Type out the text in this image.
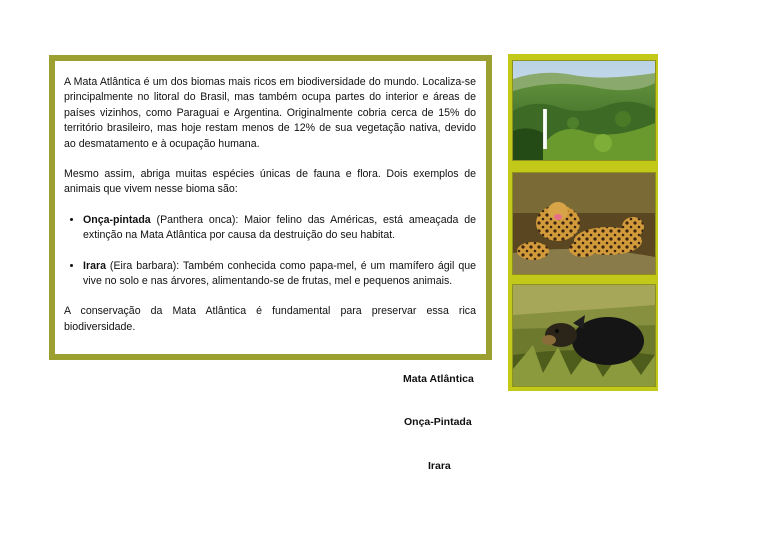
A Mata Atlântica é um dos biomas mais ricos em biodiversidade do mundo. Localiza-se principalmente no litoral do Brasil, mas também ocupa partes do interior e áreas de países vizinhos, como Paraguai e Argentina. Originalmente cobria cerca de 15% do território brasileiro, mas hoje restam menos de 12% de sua vegetação nativa, devido ao desmatamento e à ocupação humana.

Mesmo assim, abriga muitas espécies únicas de fauna e flora. Dois exemplos de animais que vivem nesse bioma são:

• Onça-pintada (Panthera onca): Maior felino das Américas, está ameaçada de extinção na Mata Atlântica por causa da destruição do seu habitat.
• Irara (Eira barbara): Também conhecida como papa-mel, é um mamífero ágil que vive no solo e nas árvores, alimentando-se de frutas, mel e pequenos animais.

A conservação da Mata Atlântica é fundamental para preservar essa rica biodiversidade.

Mata Atlântica
Onça-Pintada
Irara
